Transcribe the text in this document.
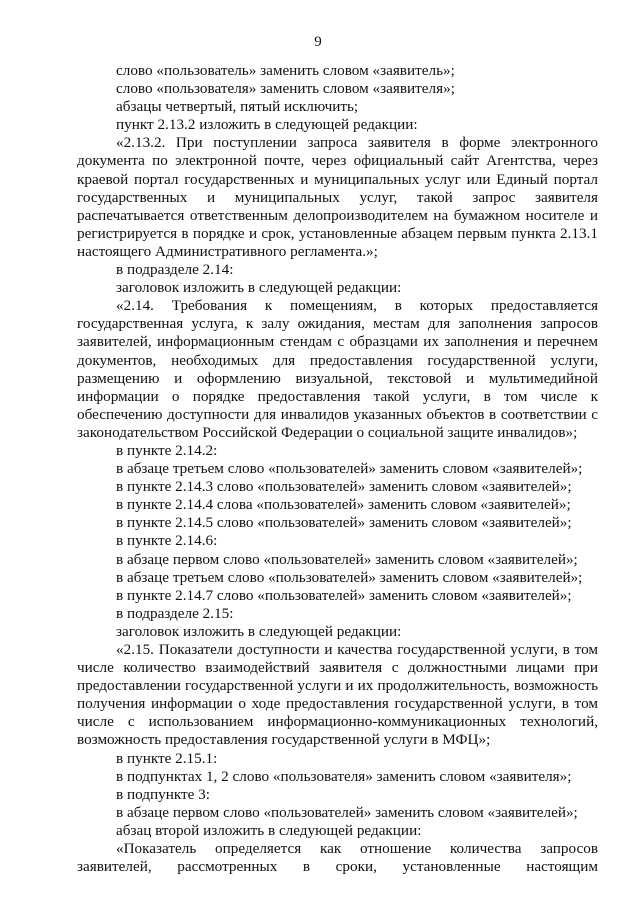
9

слово «пользователь» заменить словом «заявитель»;

слово «пользователя» заменить словом «заявителя»;

абзацы четвертый, пятый исключить;

пункт 2.13.2 изложить в следующей редакции:

«2.13.2. При поступлении запроса заявителя в форме электронного документа по электронной почте, через официальный сайт Агентства, через краевой портал государственных и муниципальных услуг или Единый портал государственных и муниципальных услуг, такой запрос заявителя распечатывается ответственным делопроизводителем на бумажном носителе и регистрируется в порядке и срок, установленные абзацем первым пункта 2.13.1 настоящего Административного регламента.»;

в подразделе 2.14:

заголовок изложить в следующей редакции:

«2.14. Требования к помещениям, в которых предоставляется государственная услуга, к залу ожидания, местам для заполнения запросов заявителей, информационным стендам с образцами их заполнения и перечнем документов, необходимых для предоставления государственной услуги, размещению и оформлению визуальной, текстовой и мультимедийной информации о порядке предоставления такой услуги, в том числе к обеспечению доступности для инвалидов указанных объектов в соответствии с законодательством Российской Федерации о социальной защите инвалидов»;

в пункте 2.14.2:

в абзаце третьем слово «пользователей» заменить словом «заявителей»;

в пункте 2.14.3 слово «пользователей» заменить словом «заявителей»;

в пункте 2.14.4 слова «пользователей» заменить словом «заявителей»;

в пункте 2.14.5 слово «пользователей» заменить словом «заявителей»;

в пункте 2.14.6:

в абзаце первом слово «пользователей» заменить словом «заявителей»;

в абзаце третьем слово «пользователей» заменить словом «заявителей»;

в пункте 2.14.7 слово «пользователей» заменить словом «заявителей»;

в подразделе 2.15:

заголовок изложить в следующей редакции:

«2.15. Показатели доступности и качества государственной услуги, в том числе количество взаимодействий заявителя с должностными лицами при предоставлении государственной услуги и их продолжительность, возможность получения информации о ходе предоставления государственной услуги, в том числе с использованием информационно-коммуникационных технологий, возможность предоставления государственной услуги в МФЦ»;

в пункте 2.15.1:

в подпунктах 1, 2 слово «пользователя» заменить словом «заявителя»;

в подпункте 3:

в абзаце первом слово «пользователей» заменить словом «заявителей»;

абзац второй изложить в следующей редакции:

«Показатель определяется как отношение количества запросов заявителей, рассмотренных в сроки, установленные настоящим
